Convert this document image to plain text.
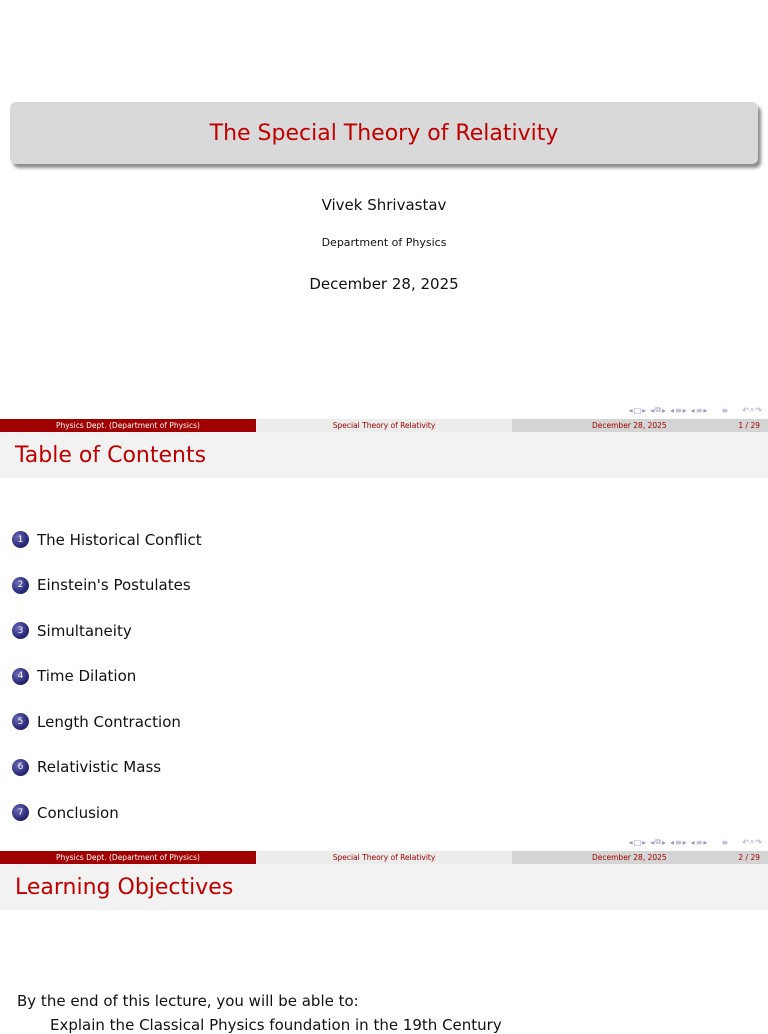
The Special Theory of Relativity
Vivek Shrivastav
Department of Physics
December 28, 2025
◂ □ ▸ ◂ ⧉ ▸ ◂ ≡ ▸ ◂ ≡ ▸ ≡ ↶ ⌕ ↷
Physics Dept. (Department of Physics)	Special Theory of Relativity	December 28, 2025	1 / 29
Table of Contents
1 The Historical Conflict
2 Einstein's Postulates
3 Simultaneity
4 Time Dilation
5 Length Contraction
6 Relativistic Mass
7 Conclusion
◂ □ ▸ ◂ ⧉ ▸ ◂ ≡ ▸ ◂ ≡ ▸ ≡ ↶ ⌕ ↷
Physics Dept. (Department of Physics)	Special Theory of Relativity	December 28, 2025	2 / 29
Learning Objectives
By the end of this lecture, you will be able to:
Explain the Classical Physics foundation in the 19th Century
